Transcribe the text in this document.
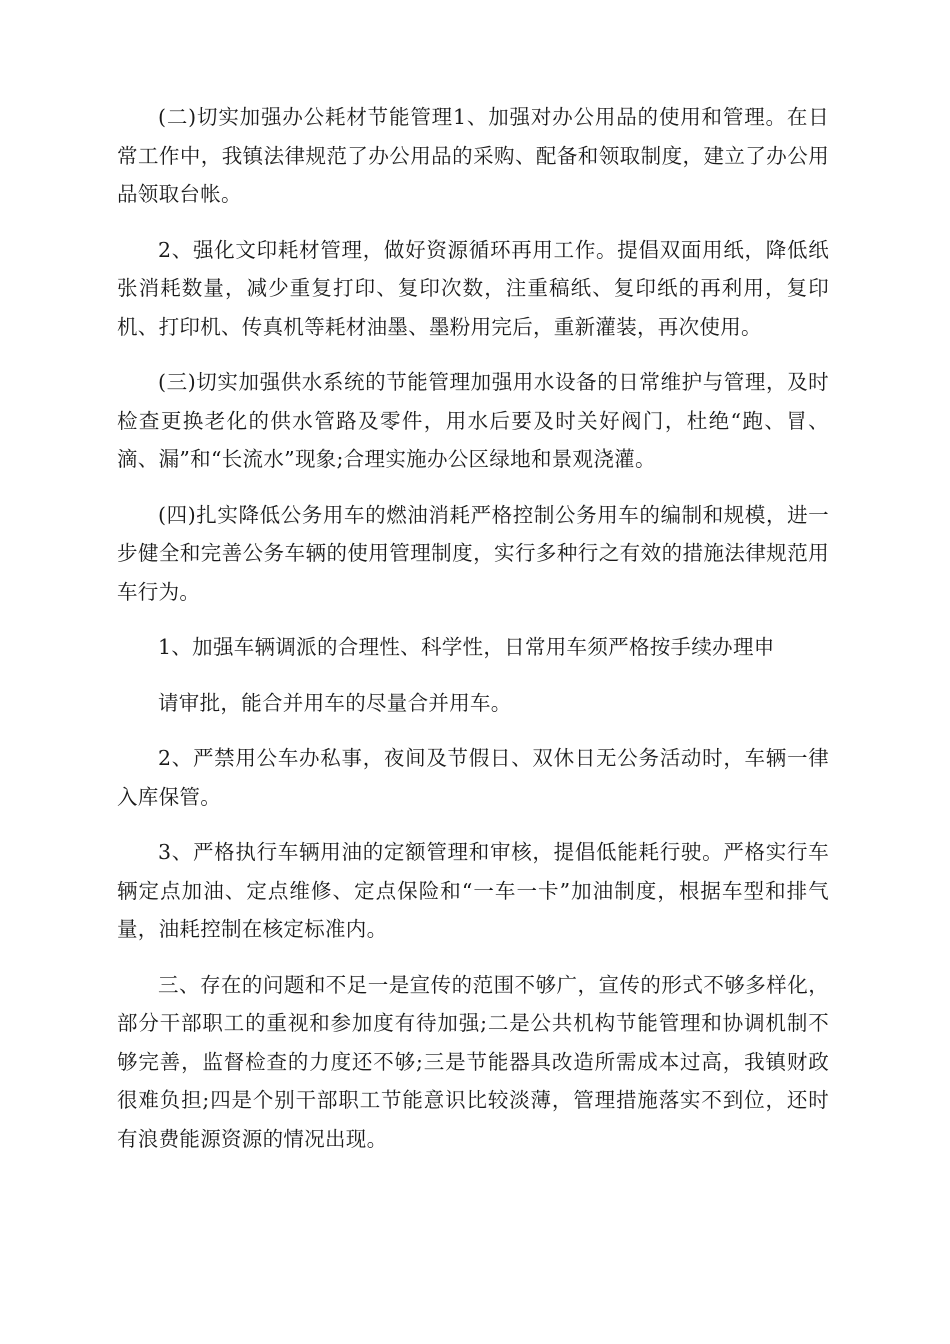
(二)切实加强办公耗材节能管理1、加强对办公用品的使用和管理。在日常工作中，我镇法律规范了办公用品的采购、配备和领取制度，建立了办公用品领取台帐。

2、强化文印耗材管理，做好资源循环再用工作。提倡双面用纸，降低纸张消耗数量，减少重复打印、复印次数，注重稿纸、复印纸的再利用，复印机、打印机、传真机等耗材油墨、墨粉用完后，重新灌装，再次使用。

(三)切实加强供水系统的节能管理加强用水设备的日常维护与管理，及时检查更换老化的供水管路及零件，用水后要及时关好阀门，杜绝“跑、冒、滴、漏”和“长流水”现象;合理实施办公区绿地和景观浇灌。

(四)扎实降低公务用车的燃油消耗严格控制公务用车的编制和规模，进一步健全和完善公务车辆的使用管理制度，实行多种行之有效的措施法律规范用车行为。

1、加强车辆调派的合理性、科学性，日常用车须严格按手续办理申

请审批，能合并用车的尽量合并用车。

2、严禁用公车办私事，夜间及节假日、双休日无公务活动时，车辆一律入库保管。

3、严格执行车辆用油的定额管理和审核，提倡低能耗行驶。严格实行车辆定点加油、定点维修、定点保险和“一车一卡”加油制度，根据车型和排气量，油耗控制在核定标准内。

三、存在的问题和不足一是宣传的范围不够广，宣传的形式不够多样化，部分干部职工的重视和参加度有待加强;二是公共机构节能管理和协调机制不够完善，监督检查的力度还不够;三是节能器具改造所需成本过高，我镇财政很难负担;四是个别干部职工节能意识比较淡薄，管理措施落实不到位，还时有浪费能源资源的情况出现。
